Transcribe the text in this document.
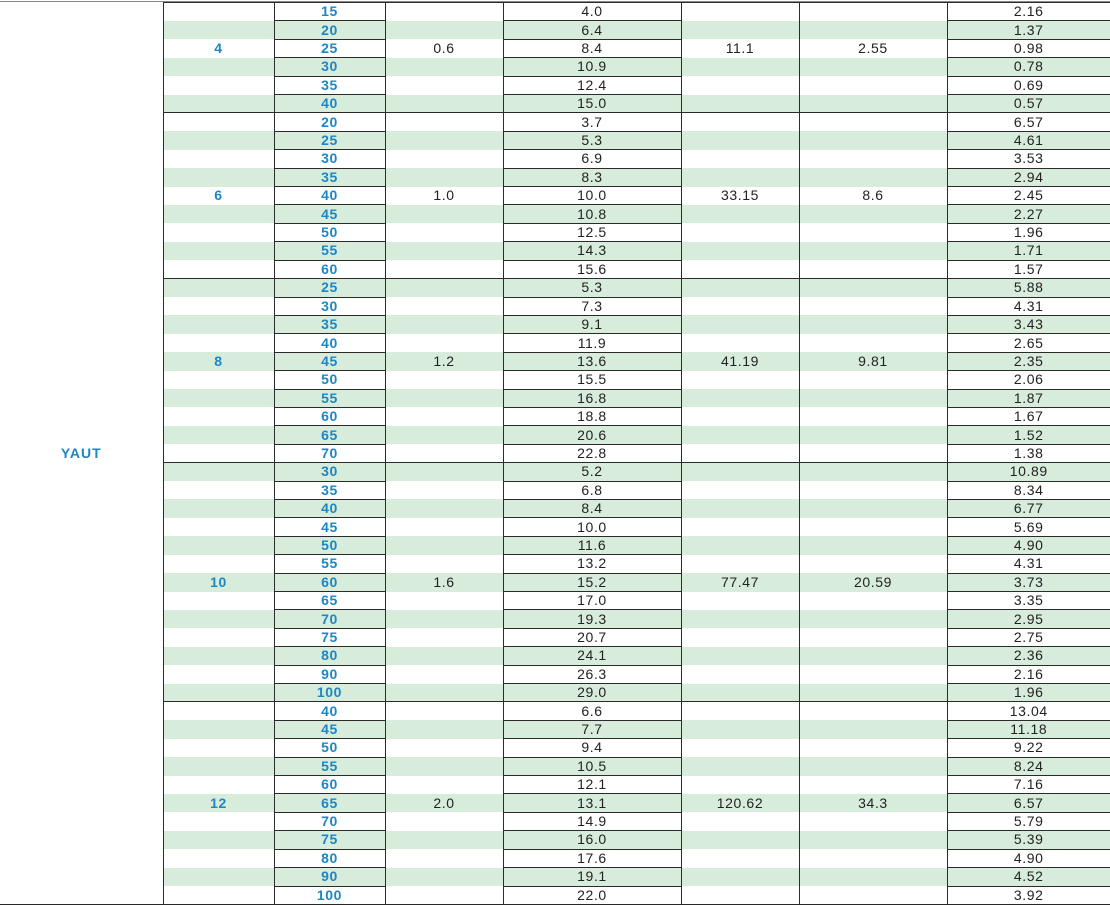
YAUT		15		4.0			2.16
		20		6.4			1.37
	4	25	0.6	8.4	11.1	2.55	0.98
		30		10.9			0.78
		35		12.4			0.69
		40		15.0			0.57
		20		3.7			6.57
		25		5.3			4.61
		30		6.9			3.53
		35		8.3			2.94
	6	40	1.0	10.0	33.15	8.6	2.45
		45		10.8			2.27
		50		12.5			1.96
		55		14.3			1.71
		60		15.6			1.57
		25		5.3			5.88
		30		7.3			4.31
		35		9.1			3.43
		40		11.9			2.65
	8	45	1.2	13.6	41.19	9.81	2.35
		50		15.5			2.06
		55		16.8			1.87
		60		18.8			1.67
		65		20.6			1.52
		70		22.8			1.38
		30		5.2			10.89
		35		6.8			8.34
		40		8.4			6.77
		45		10.0			5.69
		50		11.6			4.90
		55		13.2			4.31
	10	60	1.6	15.2	77.47	20.59	3.73
		65		17.0			3.35
		70		19.3			2.95
		75		20.7			2.75
		80		24.1			2.36
		90		26.3			2.16
		100		29.0			1.96
		40		6.6			13.04
		45		7.7			11.18
		50		9.4			9.22
		55		10.5			8.24
		60		12.1			7.16
	12	65	2.0	13.1	120.62	34.3	6.57
		70		14.9			5.79
		75		16.0			5.39
		80		17.6			4.90
		90		19.1			4.52
		100		22.0			3.92
